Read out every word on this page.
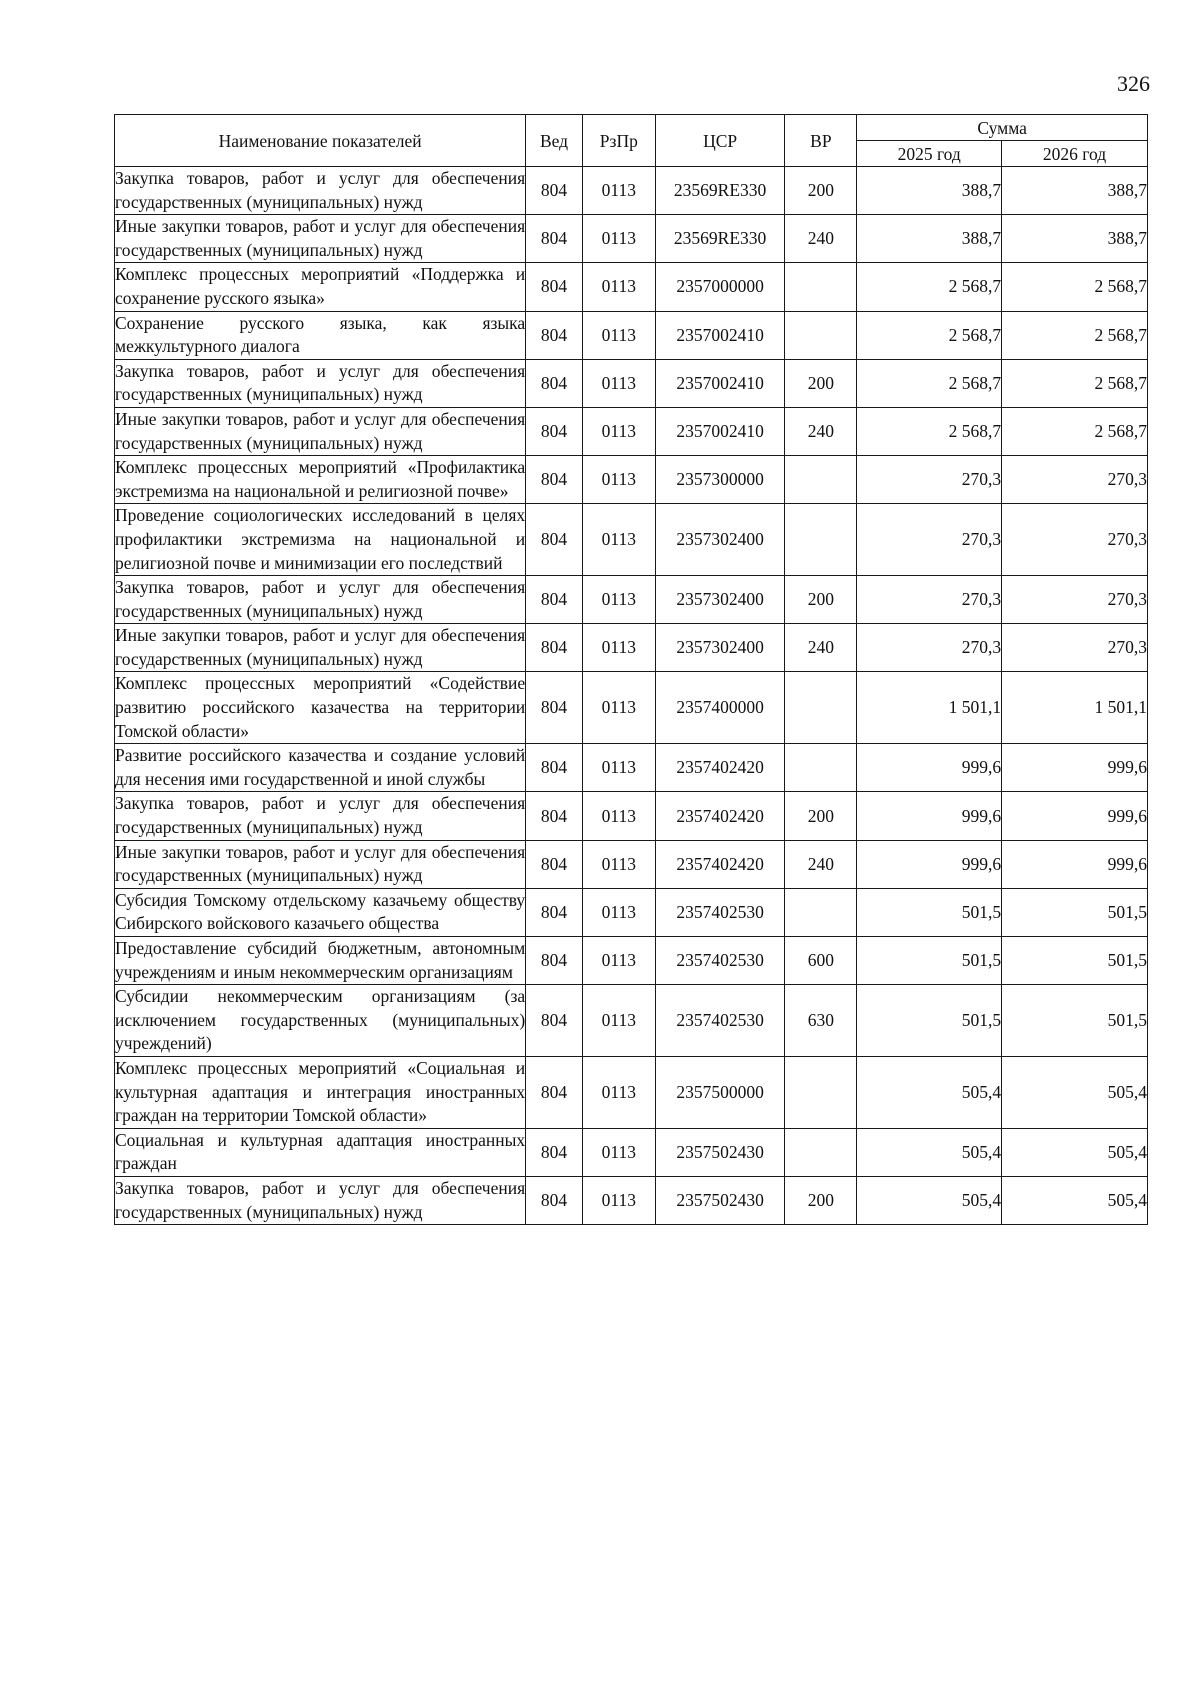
326
Наименование показателей	Вед	РзПр	ЦСР	ВР	Сумма	
					2025 год	2026 год
Закупка товаров, работ и услуг для обеспечения государственных (муниципальных) нужд	804	0113	23569RE330	200	388,7	388,7
Иные закупки товаров, работ и услуг для обеспечения государственных (муниципальных) нужд	804	0113	23569RE330	240	388,7	388,7
Комплекс процессных мероприятий «Поддержка и сохранение русского языка»	804	0113	2357000000		2 568,7	2 568,7
Сохранение русского языка, как языка межкультурного диалога	804	0113	2357002410		2 568,7	2 568,7
Закупка товаров, работ и услуг для обеспечения государственных (муниципальных) нужд	804	0113	2357002410	200	2 568,7	2 568,7
Иные закупки товаров, работ и услуг для обеспечения государственных (муниципальных) нужд	804	0113	2357002410	240	2 568,7	2 568,7
Комплекс процессных мероприятий «Профилактика экстремизма на национальной и религиозной почве»	804	0113	2357300000		270,3	270,3
Проведение социологических исследований в целях профилактики экстремизма на национальной и религиозной почве и минимизации его последствий	804	0113	2357302400		270,3	270,3
Закупка товаров, работ и услуг для обеспечения государственных (муниципальных) нужд	804	0113	2357302400	200	270,3	270,3
Иные закупки товаров, работ и услуг для обеспечения государственных (муниципальных) нужд	804	0113	2357302400	240	270,3	270,3
Комплекс процессных мероприятий «Содействие развитию российского казачества на территории Томской области»	804	0113	2357400000		1 501,1	1 501,1
Развитие российского казачества и создание условий для несения ими государственной и иной службы	804	0113	2357402420		999,6	999,6
Закупка товаров, работ и услуг для обеспечения государственных (муниципальных) нужд	804	0113	2357402420	200	999,6	999,6
Иные закупки товаров, работ и услуг для обеспечения государственных (муниципальных) нужд	804	0113	2357402420	240	999,6	999,6
Субсидия Томскому отдельскому казачьему обществу Сибирского войскового казачьего общества	804	0113	2357402530		501,5	501,5
Предоставление субсидий бюджетным, автономным учреждениям и иным некоммерческим организациям	804	0113	2357402530	600	501,5	501,5
Субсидии некоммерческим организациям (за исключением государственных (муниципальных) учреждений)	804	0113	2357402530	630	501,5	501,5
Комплекс процессных мероприятий «Социальная и культурная адаптация и интеграция иностранных граждан на территории Томской области»	804	0113	2357500000		505,4	505,4
Социальная и культурная адаптация иностранных граждан	804	0113	2357502430		505,4	505,4
Закупка товаров, работ и услуг для обеспечения государственных (муниципальных) нужд	804	0113	2357502430	200	505,4	505,4
